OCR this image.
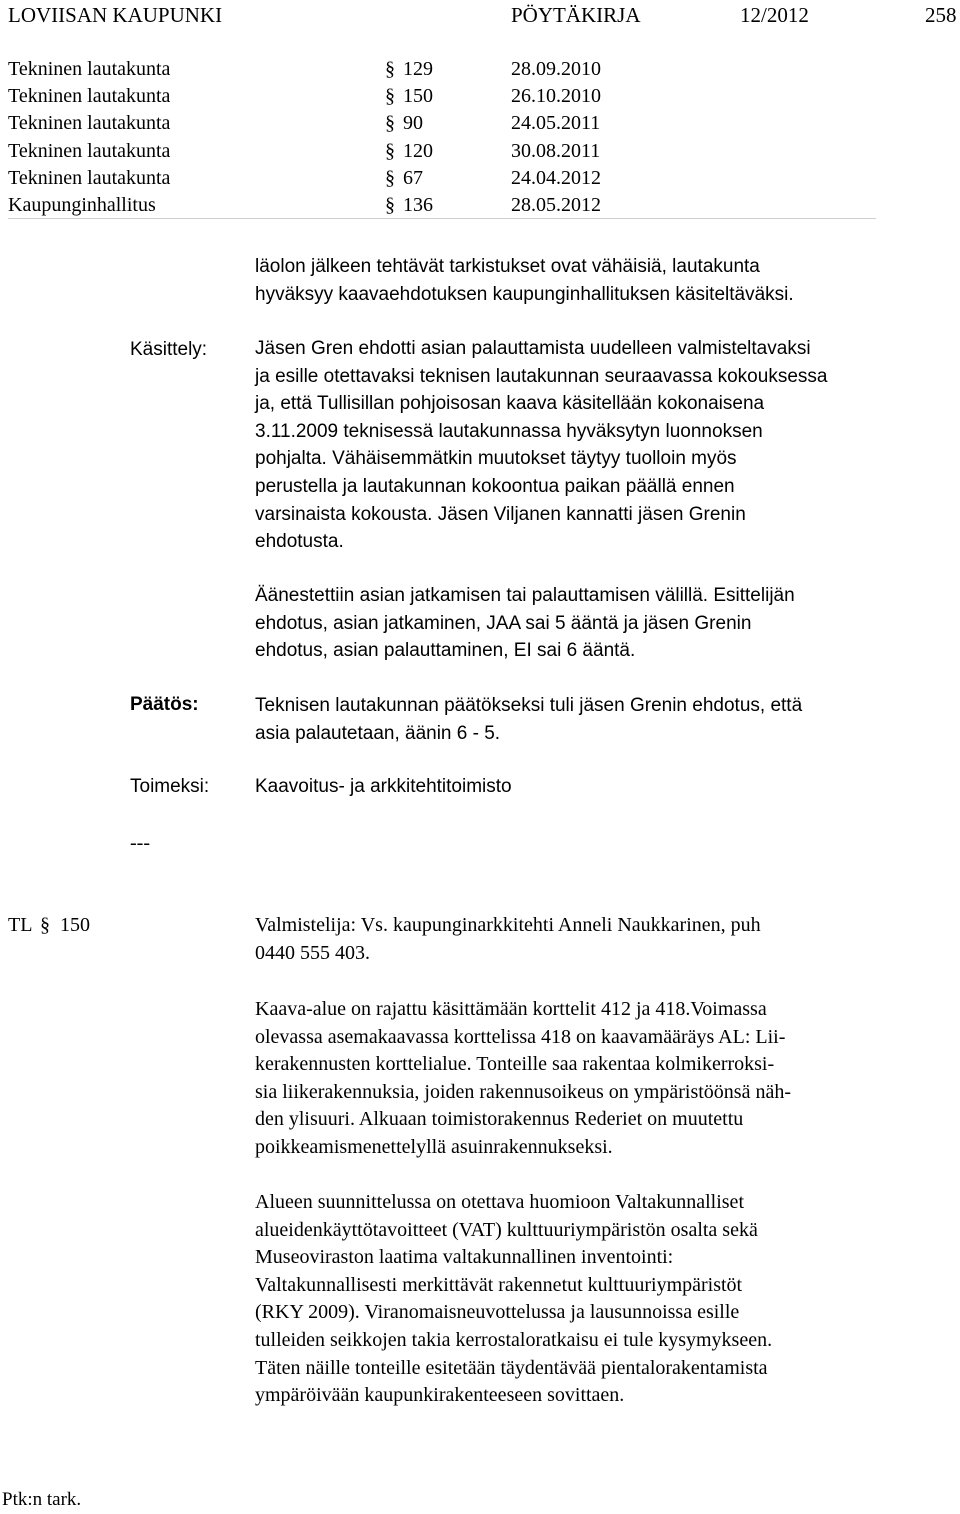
LOVIISAN KAUPUNKI	PÖYTÄKIRJA	12/2012	258
Tekninen lautakunta	§ 129	28.09.2010
Tekninen lautakunta	§ 150	26.10.2010
Tekninen lautakunta	§ 90	24.05.2011
Tekninen lautakunta	§ 120	30.08.2011
Tekninen lautakunta	§ 67	24.04.2012
Kaupunginhallitus	§ 136	28.05.2012
läolon jälkeen tehtävät tarkistukset ovat vähäisiä, lautakunta
hyväksyy kaavaehdotuksen kaupunginhallituksen käsiteltäväksi.
Käsittely:	Jäsen Gren ehdotti asian palauttamista uudelleen valmisteltavaksi
ja esille otettavaksi teknisen lautakunnan seuraavassa kokouksessa
ja, että Tullisillan pohjoisosan kaava käsitellään kokonaisena
3.11.2009 teknisessä lautakunnassa hyväksytyn luonnoksen
pohjalta. Vähäisemmätkin muutokset täytyy tuolloin myös
perustella ja lautakunnan kokoontua paikan päällä ennen
varsinaista kokousta. Jäsen Viljanen kannatti jäsen Grenin
ehdotusta.
Äänestettiin asian jatkamisen tai palauttamisen välillä. Esittelijän
ehdotus, asian jatkaminen, JAA sai 5 ääntä ja jäsen Grenin
ehdotus, asian palauttaminen, EI sai 6 ääntä.
Päätös:	Teknisen lautakunnan päätökseksi tuli jäsen Grenin ehdotus, että
asia palautetaan, äänin 6 - 5.
Toimeksi: Kaavoitus- ja arkkitehtitoimisto
---
TL § 150	Valmistelija: Vs. kaupunginarkkitehti Anneli Naukkarinen, puh
0440 555 403.
Kaava-alue on rajattu käsittämään korttelit 412 ja 418.Voimassa
olevassa asemakaavassa korttelissa 418 on kaavamääräys AL: Lii-
kerakennusten korttelialue. Tonteille saa rakentaa kolmikerroksi-
sia liikerakennuksia, joiden rakennusoikeus on ympäristöönsä näh-
den ylisuuri. Alkuaan toimistorakennus Rederiet on muutettu
poikkeamismenettelyllä asuinrakennukseksi.
Alueen suunnittelussa on otettava huomioon Valtakunnalliset
alueidenkäyttötavoitteet (VAT) kulttuuriympäristön osalta sekä
Museoviraston laatima valtakunnallinen inventointi:
Valtakunnallisesti merkittävät rakennetut kulttuuriympäristöt
(RKY 2009). Viranomaisneuvottelussa ja lausunnoissa esille
tulleiden seikkojen takia kerrostaloratkaisu ei tule kysymykseen.
Täten näille tonteille esitetään täydentävää pientalorakentamista
ympäröivään kaupunkirakenteeseen sovittaen.
Ptk:n tark.
